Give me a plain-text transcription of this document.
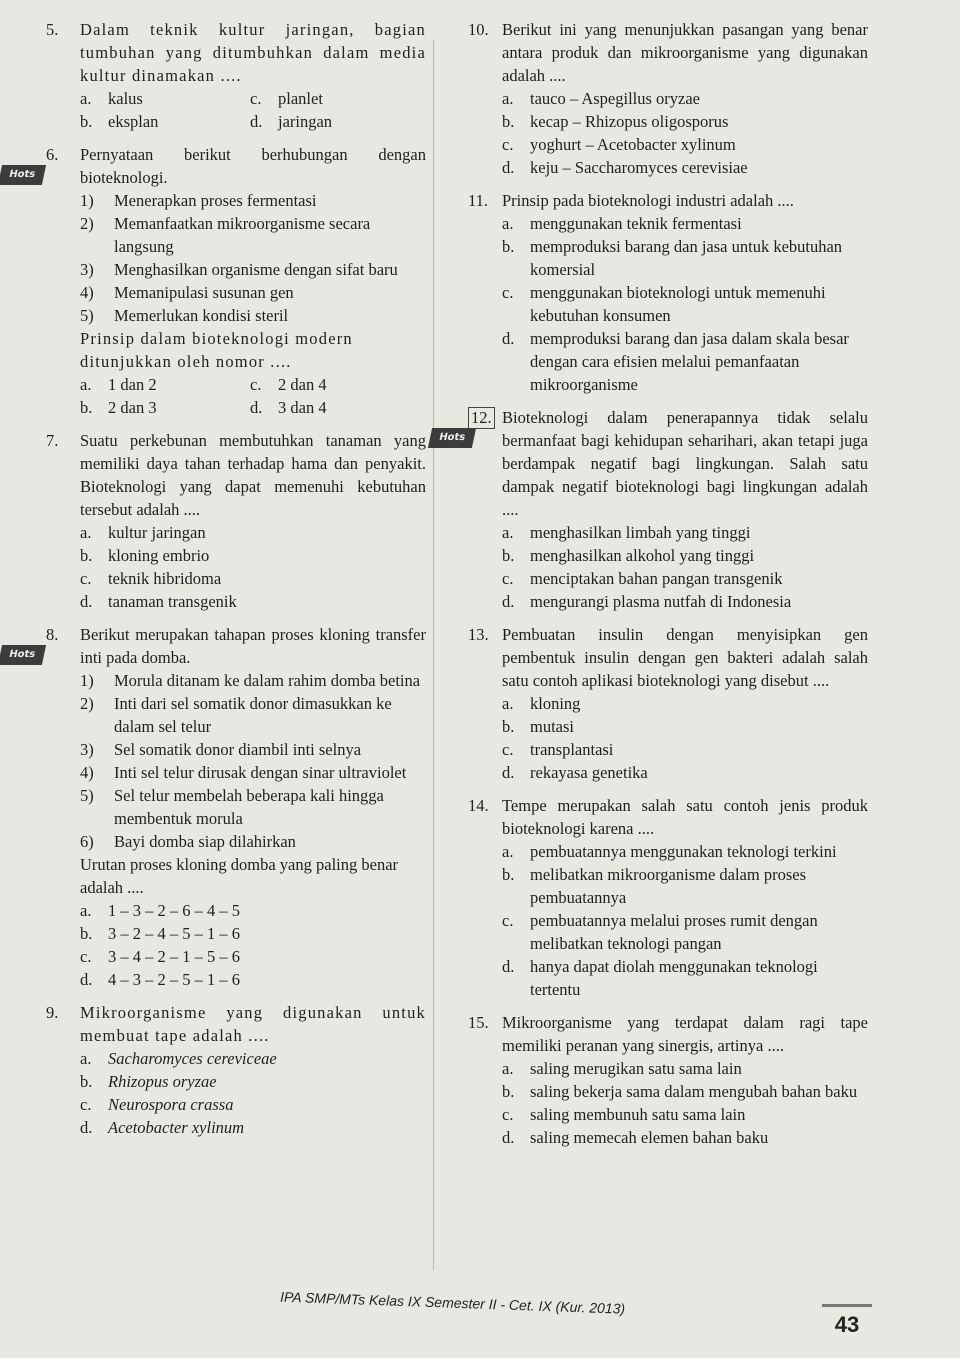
5.	Dalam teknik kultur jaringan, bagian tumbuhan yang ditumbuhkan dalam media kultur dinamakan ....
a. kalus	c. planlet
b. eksplan	d. jaringan
Hots
6.	Pernyataan berikut berhubungan dengan bioteknologi.
1) Menerapkan proses fermentasi
2) Memanfaatkan mikroorganisme secara langsung
3) Menghasilkan organisme dengan sifat baru
4) Memanipulasi susunan gen
5) Memerlukan kondisi steril
Prinsip dalam bioteknologi modern ditunjukkan oleh nomor ....
a. 1 dan 2	c. 2 dan 4
b. 2 dan 3	d. 3 dan 4
7.	Suatu perkebunan membutuhkan tanaman yang memiliki daya tahan terhadap hama dan penyakit. Bioteknologi yang dapat memenuhi kebutuhan tersebut adalah ....
a. kultur jaringan
b. kloning embrio
c. teknik hibridoma
d. tanaman transgenik
Hots
8.	Berikut merupakan tahapan proses kloning transfer inti pada domba.
1) Morula ditanam ke dalam rahim domba betina
2) Inti dari sel somatik donor dimasukkan ke dalam sel telur
3) Sel somatik donor diambil inti selnya
4) Inti sel telur dirusak dengan sinar ultraviolet
5) Sel telur membelah beberapa kali hingga membentuk morula
6) Bayi domba siap dilahirkan
Urutan proses kloning domba yang paling benar adalah ....
a. 1 – 3 – 2 – 6 – 4 – 5
b. 3 – 2 – 4 – 5 – 1 – 6
c. 3 – 4 – 2 – 1 – 5 – 6
d. 4 – 3 – 2 – 5 – 1 – 6
9.	Mikroorganisme yang digunakan untuk membuat tape adalah ....
a. Sacharomyces cereviceae
b. Rhizopus oryzae
c. Neurospora crassa
d. Acetobacter xylinum
10. Berikut ini yang menunjukkan pasangan yang benar antara produk dan mikroorganisme yang digunakan adalah ....
a. tauco – Aspegillus oryzae
b. kecap – Rhizopus oligosporus
c. yoghurt – Acetobacter xylinum
d. keju – Saccharomyces cerevisiae
11. Prinsip pada bioteknologi industri adalah ....
a. menggunakan teknik fermentasi
b. memproduksi barang dan jasa untuk kebutuhan komersial
c. menggunakan bioteknologi untuk memenuhi kebutuhan konsumen
d. memproduksi barang dan jasa dalam skala besar dengan cara efisien melalui pemanfaatan mikroorganisme
Hots
12. Bioteknologi dalam penerapannya tidak selalu bermanfaat bagi kehidupan seharihari, akan tetapi juga berdampak negatif bagi lingkungan. Salah satu dampak negatif bioteknologi bagi lingkungan adalah ....
a. menghasilkan limbah yang tinggi
b. menghasilkan alkohol yang tinggi
c. menciptakan bahan pangan transgenik
d. mengurangi plasma nutfah di Indonesia
13. Pembuatan insulin dengan menyisipkan gen pembentuk insulin dengan gen bakteri adalah salah satu contoh aplikasi bioteknologi yang disebut ....
a. kloning
b. mutasi
c. transplantasi
d. rekayasa genetika
14. Tempe merupakan salah satu contoh jenis produk bioteknologi karena ....
a. pembuatannya menggunakan teknologi terkini
b. melibatkan mikroorganisme dalam proses pembuatannya
c. pembuatannya melalui proses rumit dengan melibatkan teknologi pangan
d. hanya dapat diolah menggunakan teknologi tertentu
15. Mikroorganisme yang terdapat dalam ragi tape memiliki peranan yang sinergis, artinya ....
a. saling merugikan satu sama lain
b. saling bekerja sama dalam mengubah bahan baku
c. saling membunuh satu sama lain
d. saling memecah elemen bahan baku
IPA SMP/MTs Kelas IX Semester II - Cet. IX (Kur. 2013)
43
